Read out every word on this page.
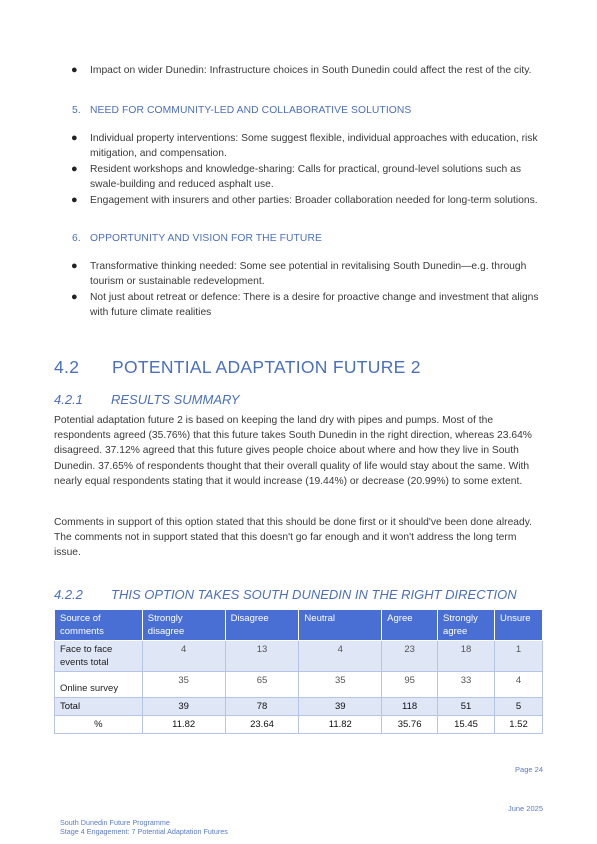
● Impact on wider Dunedin: Infrastructure choices in South Dunedin could affect the rest of the city.
5. NEED FOR COMMUNITY-LED AND COLLABORATIVE SOLUTIONS
● Individual property interventions: Some suggest flexible, individual approaches with education, risk mitigation, and compensation.
● Resident workshops and knowledge-sharing: Calls for practical, ground-level solutions such as swale-building and reduced asphalt use.
● Engagement with insurers and other parties: Broader collaboration needed for long-term solutions.
6. OPPORTUNITY AND VISION FOR THE FUTURE
● Transformative thinking needed: Some see potential in revitalising South Dunedin—e.g. through tourism or sustainable redevelopment.
● Not just about retreat or defence: There is a desire for proactive change and investment that aligns with future climate realities
4.2 POTENTIAL ADAPTATION FUTURE 2
4.2.1 RESULTS SUMMARY

Potential adaptation future 2 is based on keeping the land dry with pipes and pumps. Most of the respondents agreed (35.76%) that this future takes South Dunedin in the right direction, whereas 23.64% disagreed. 37.12% agreed that this future gives people choice about where and how they live in South Dunedin. 37.65% of respondents thought that their overall quality of life would stay about the same. With nearly equal respondents stating that it would increase (19.44%) or decrease (20.99%) to some extent.

Comments in support of this option stated that this should be done first or it should've been done already. The comments not in support stated that this doesn't go far enough and it won't address the long term issue.

4.2.2 THIS OPTION TAKES SOUTH DUNEDIN IN THE RIGHT DIRECTION
Source of comments	Strongly disagree	Disagree	Neutral	Agree	Strongly agree	Unsure
Face to face events total	4	13	4	23	18	1
Online survey	35	65	35	95	33	4
Total	39	78	39	118	51	5
%	11.82	23.64	11.82	35.76	15.45	1.52
Page 24
June 2025
South Dunedin Future Programme
Stage 4 Engagement: 7 Potential Adaptation Futures
